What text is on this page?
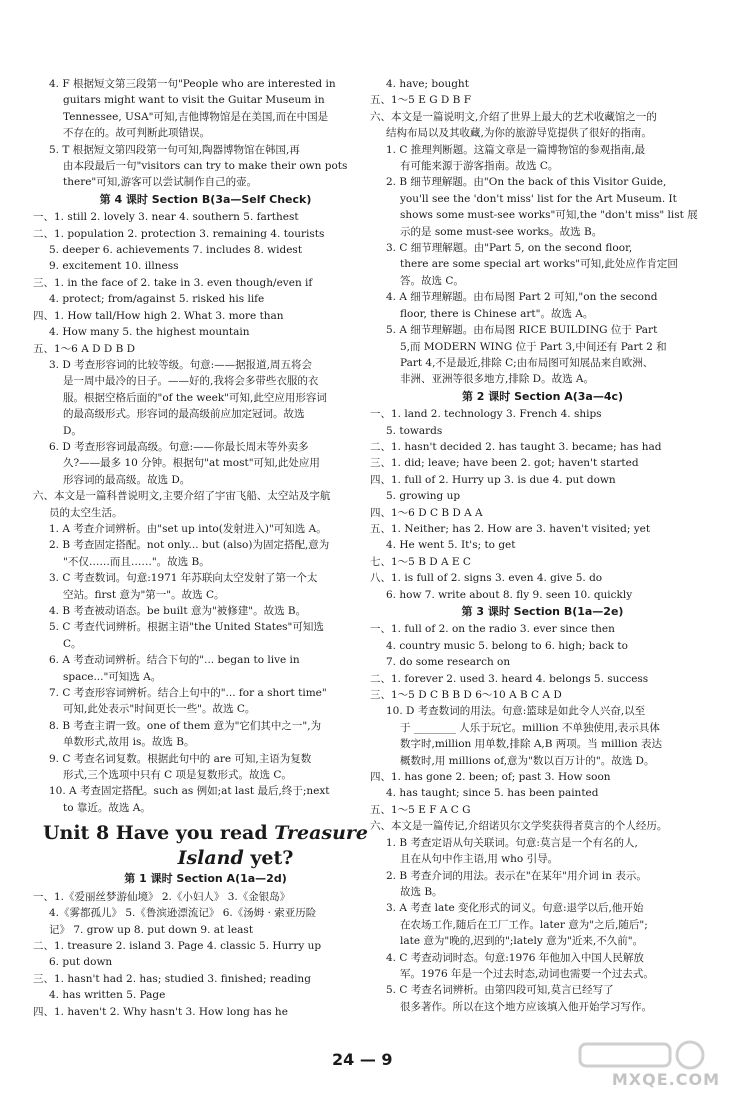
4. F 根据短文第三段第一句"People who are interested in
guitars might want to visit the Guitar Museum in
Tennessee, USA"可知,吉他博物馆是在美国,而在中国是
不存在的。故可判断此项错误。
5. T 根据短文第四段第一句可知,陶器博物馆在韩国,再
由本段最后一句"visitors can try to make their own pots
there"可知,游客可以尝试制作自己的壶。
第 4 课时 Section B(3a—Self Check)
一、1. still 2. lovely 3. near 4. southern 5. farthest
二、1. population 2. protection 3. remaining 4. tourists
5. deeper 6. achievements 7. includes 8. widest
9. excitement 10. illness
三、1. in the face of 2. take in 3. even though/even if
4. protect; from/against 5. risked his life
四、1. How tall/How high 2. What 3. more than
4. How many 5. the highest mountain
五、1～6 A D D B D
3. D 考查形容词的比较等级。句意:——据报道,周五将会
是一周中最冷的日子。——好的,我将会多带些衣服的衣
服。根据空格后面的"of the week"可知,此空应用形容词
的最高级形式。形容词的最高级前应加定冠词。故选
D。
6. D 考查形容词最高级。句意:——你最长周末等外卖多
久?——最多 10 分钟。根据句"at most"可知,此处应用
形容词的最高级。故选 D。
六、本文是一篇科普说明文,主要介绍了宇宙飞船、太空站及字航
员的太空生活。
1. A 考查介词辨析。由"set up into(发射进入)"可知选 A。
2. B 考查固定搭配。not only... but (also)为固定搭配,意为
"不仅……而且……"。故选 B。
3. C 考查数词。句意:1971 年苏联向太空发射了第一个太
空站。first 意为"第一"。故选 C。
4. B 考查被动语态。be built 意为"被修建"。故选 B。
5. C 考查代词辨析。根据主语"the United States"可知选
C。
6. A 考查动词辨析。结合下句的"... began to live in
space..."可知选 A。
7. C 考查形容词辨析。结合上句中的"... for a short time"
可知,此处表示"时间更长一些"。故选 C。
8. B 考查主谓一致。one of them 意为"它们其中之一",为
单数形式,故用 is。故选 B。
9. C 考查名词复数。根据此句中的 are 可知,主语为复数
形式,三个选项中只有 C 项是复数形式。故选 C。
10. A 考查固定搭配。such as 例如;at last 最后,终于;next
to 靠近。故选 A。
Unit 8 Have you read Treasure
Island yet?
第 1 课时 Section A(1a—2d)
一、1.《爱丽丝梦游仙境》 2.《小妇人》 3.《金银岛》
4.《雾都孤儿》 5.《鲁滨逊漂流记》 6.《汤姆 · 索亚历险
记》 7. grow up 8. put down 9. at least
二、1. treasure 2. island 3. Page 4. classic 5. Hurry up
6. put down
三、1. hasn't had 2. has; studied 3. finished; reading
4. has written 5. Page
四、1. haven't 2. Why hasn't 3. How long has he
4. have; bought
五、1～5 E G D B F
六、本文是一篇说明文,介绍了世界上最大的艺术收藏馆之一的
结构布局以及其收藏,为你的旅游导览提供了很好的指南。
1. C 推理判断题。这篇文章是一篇博物馆的参观指南,最
有可能来源于游客指南。故选 C。
2. B 细节理解题。由"On the back of this Visitor Guide,
you'll see the 'don't miss' list for the Art Museum. It
shows some must-see works"可知,the "don't miss" list 展
示的是 some must-see works。故选 B。
3. C 细节理解题。由"Part 5, on the second floor,
there are some special art works"可知,此处应作肯定回
答。故选 C。
4. A 细节理解题。由布局图 Part 2 可知,"on the second
floor, there is Chinese art"。故选 A。
5. A 细节理解题。由布局图 RICE BUILDING 位于 Part
5,而 MODERN WING 位于 Part 3,中间还有 Part 2 和
Part 4,不是最近,排除 C;由布局图可知展品来自欧洲、
非洲、亚洲等很多地方,排除 D。故选 A。
第 2 课时 Section A(3a—4c)
一、1. land 2. technology 3. French 4. ships
5. towards
二、1. hasn't decided 2. has taught 3. became; has had
三、1. did; leave; have been 2. got; haven't started
四、1. full of 2. Hurry up 3. is due 4. put down
5. growing up
四、1～6 D C B D A A
五、1. Neither; has 2. How are 3. haven't visited; yet
4. He went 5. It's; to get
七、1～5 B D A E C
八、1. is full of 2. signs 3. even 4. give 5. do
6. how 7. write about 8. fly 9. seen 10. quickly
第 3 课时 Section B(1a—2e)
一、1. full of 2. on the radio 3. ever since then
4. country music 5. belong to 6. high; back to
7. do some research on
二、1. forever 2. used 3. heard 4. belongs 5. success
三、1～5 D C B B D 6～10 A B C A D
10. D 考查数词的用法。句意:篮球是如此令人兴奋,以至
于 ________ 人乐于玩它。million 不单独使用,表示具体
数字时,million 用单数,排除 A,B 两项。当 million 表达
概数时,用 millions of,意为"数以百万计的"。故选 D。
四、1. has gone 2. been; of; past 3. How soon
4. has taught; since 5. has been painted
五、1～5 E F A C G
六、本文是一篇传记,介绍诺贝尔文学奖获得者莫言的个人经历。
1. B 考查定语从句关联词。句意:莫言是一个有名的人,
且在从句中作主语,用 who 引导。
2. B 考查介词的用法。表示在"在某年"用介词 in 表示。
故选 B。
3. A 考查 late 变化形式的词义。句意:退学以后,他开始
在农场工作,随后在工厂工作。later 意为"之后,随后";
late 意为"晚的,迟到的";lately 意为"近来,不久前"。
4. C 考查动词时态。句意:1976 年他加入中国人民解放
军。1976 年是一个过去时态,动词也需要一个过去式。
5. C 考查名词辨析。由第四段可知,莫言已经写了
很多著作。所以在这个地方应该填入他开始学习写作。
24 — 9
MXQE.COM
